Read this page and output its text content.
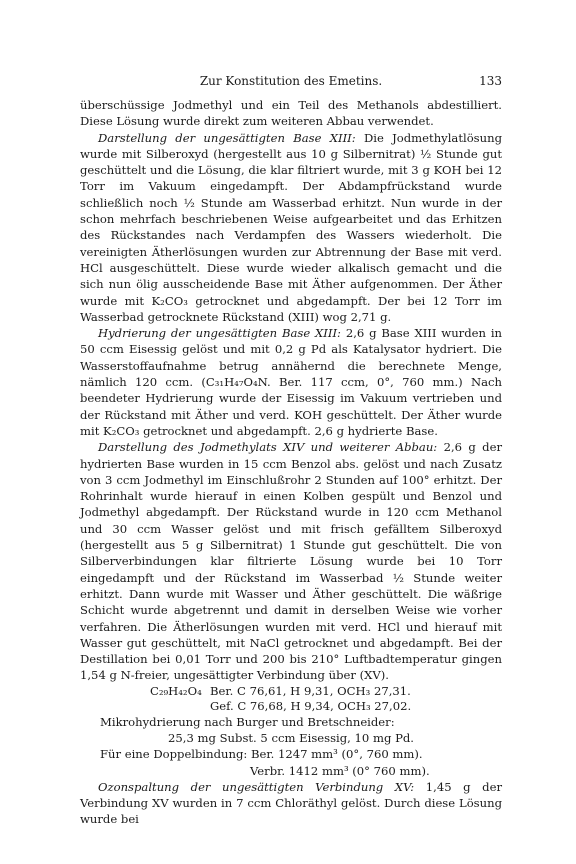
Zur Konstitution des Emetins.	133

überschüssige Jodmethyl und ein Teil des Methanols abdestilliert. Diese Lösung wurde direkt zum weiteren Abbau verwendet.

Darstellung der ungesättigten Base XIII: Die Jodmethylatlösung wurde mit Silberoxyd (hergestellt aus 10 g Silbernitrat) ½ Stunde gut geschüttelt und die Lösung, die klar filtriert wurde, mit 3 g KOH bei 12 Torr im Vakuum eingedampft. Der Abdampfrückstand wurde schließlich noch ½ Stunde am Wasserbad erhitzt. Nun wurde in der schon mehrfach beschriebenen Weise aufgearbeitet und das Erhitzen des Rückstandes nach Verdampfen des Wassers wiederholt. Die vereinigten Ätherlösungen wurden zur Abtrennung der Base mit verd. HCl ausgeschüttelt. Diese wurde wieder alkalisch gemacht und die sich nun ölig ausscheidende Base mit Äther aufgenommen. Der Äther wurde mit K₂CO₃ getrocknet und abgedampft. Der bei 12 Torr im Wasserbad getrocknete Rückstand (XIII) wog 2,71 g.

Hydrierung der ungesättigten Base XIII: 2,6 g Base XIII wurden in 50 ccm Eisessig gelöst und mit 0,2 g Pd als Katalysator hydriert. Die Wasserstoffaufnahme betrug annähernd die berechnete Menge, nämlich 120 ccm. (C₃₁H₄₇O₄N. Ber. 117 ccm, 0°, 760 mm.) Nach beendeter Hydrierung wurde der Eisessig im Vakuum vertrieben und der Rückstand mit Äther und verd. KOH geschüttelt. Der Äther wurde mit K₂CO₃ getrocknet und abgedampft. 2,6 g hydrierte Base.

Darstellung des Jodmethylats XIV und weiterer Abbau: 2,6 g der hydrierten Base wurden in 15 ccm Benzol abs. gelöst und nach Zusatz von 3 ccm Jodmethyl im Einschlußrohr 2 Stunden auf 100° erhitzt. Der Rohrinhalt wurde hierauf in einen Kolben gespült und Benzol und Jodmethyl abgedampft. Der Rückstand wurde in 120 ccm Methanol und 30 ccm Wasser gelöst und mit frisch gefälltem Silberoxyd (hergestellt aus 5 g Silbernitrat) 1 Stunde gut geschüttelt. Die von Silberverbindungen klar filtrierte Lösung wurde bei 10 Torr eingedampft und der Rückstand im Wasserbad ½ Stunde weiter erhitzt. Dann wurde mit Wasser und Äther geschüttelt. Die wäßrige Schicht wurde abgetrennt und damit in derselben Weise wie vorher verfahren. Die Ätherlösungen wurden mit verd. HCl und hierauf mit Wasser gut geschüttelt, mit NaCl getrocknet und abgedampft. Bei der Destillation bei 0,01 Torr und 200 bis 210° Luftbadtemperatur gingen 1,54 g N-freier, ungesättigter Verbindung über (XV).

C₂₉H₄₂O₄ Ber. C 76,61, H 9,31, OCH₃ 27,31.
Gef. C 76,68, H 9,34, OCH₃ 27,02.

Mikrohydrierung nach Burger und Bretschneider:

25,3 mg Subst. 5 ccm Eisessig, 10 mg Pd.

Für eine Doppelbindung: Ber. 1247 mm³ (0°, 760 mm).

Verbr. 1412 mm³ (0° 760 mm).

Ozonspaltung der ungesättigten Verbindung XV: 1,45 g der Verbindung XV wurden in 7 ccm Chloräthyl gelöst. Durch diese Lösung wurde bei
